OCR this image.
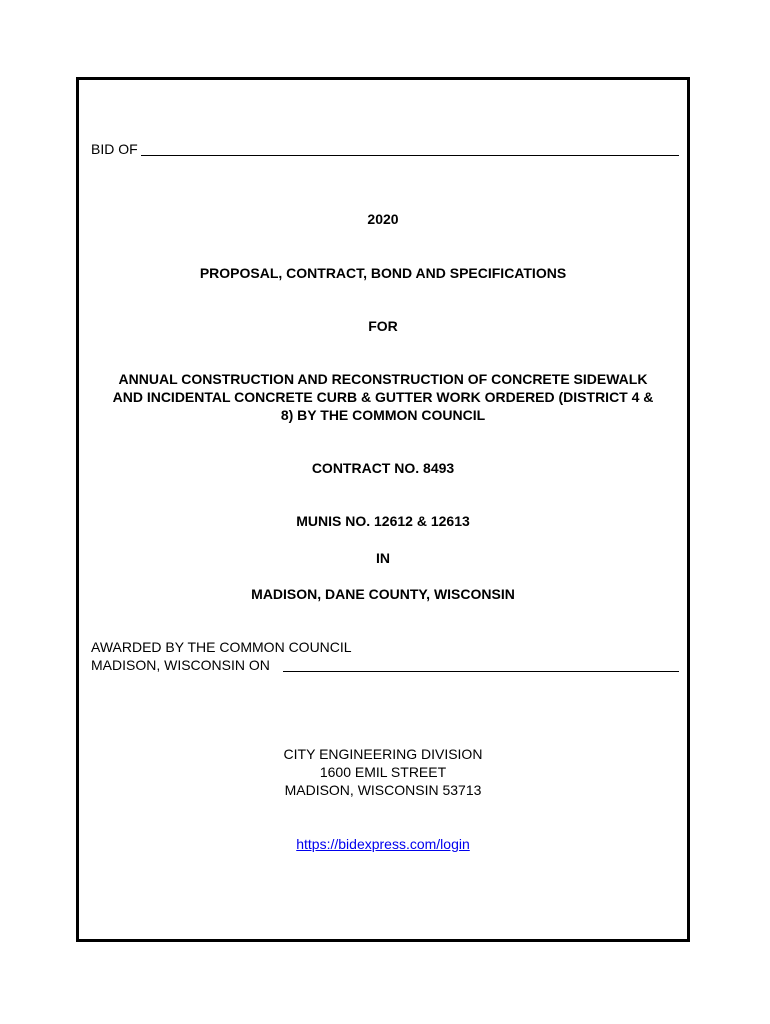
BID OF
2020
PROPOSAL, CONTRACT, BOND AND SPECIFICATIONS
FOR
ANNUAL CONSTRUCTION AND RECONSTRUCTION OF CONCRETE SIDEWALK
AND INCIDENTAL CONCRETE CURB & GUTTER WORK ORDERED (DISTRICT 4 &
8) BY THE COMMON COUNCIL
CONTRACT NO. 8493
MUNIS NO. 12612 & 12613
IN
MADISON, DANE COUNTY, WISCONSIN
AWARDED BY THE COMMON COUNCIL
MADISON, WISCONSIN ON
CITY ENGINEERING DIVISION
1600 EMIL STREET
MADISON, WISCONSIN 53713
https://bidexpress.com/login
